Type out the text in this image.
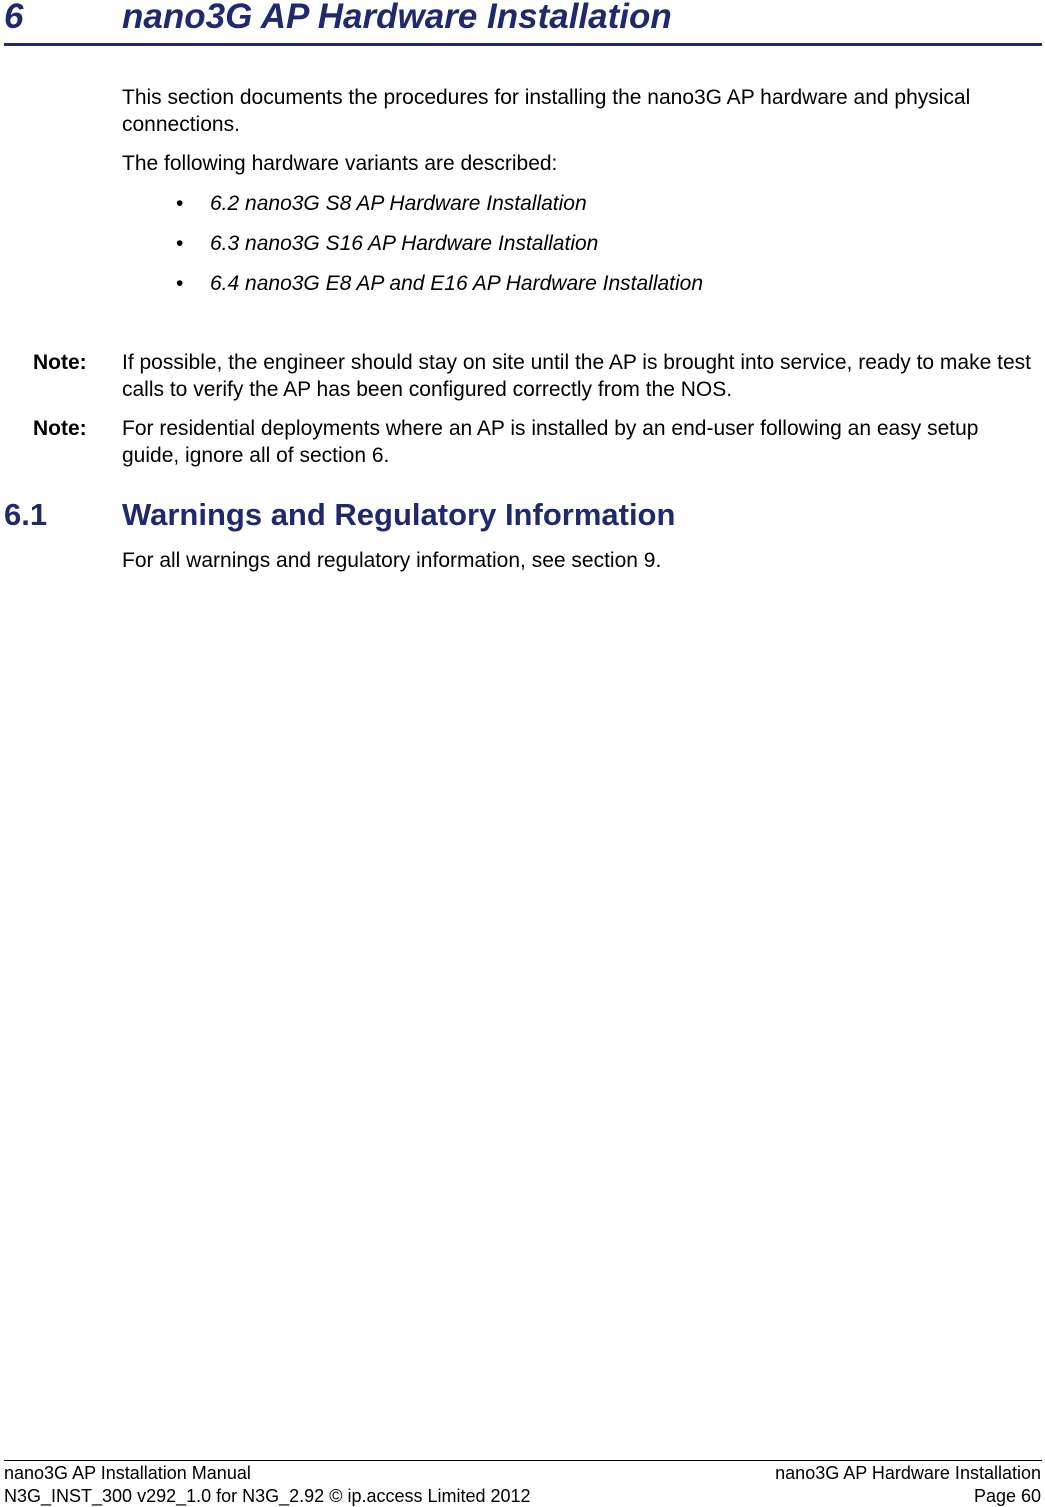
6	nano3G AP Hardware Installation
This section documents the procedures for installing the nano3G AP hardware and physical connections.
The following hardware variants are described:
• 6.2 nano3G S8 AP Hardware Installation
• 6.3 nano3G S16 AP Hardware Installation
• 6.4 nano3G E8 AP and E16 AP Hardware Installation
Note: If possible, the engineer should stay on site until the AP is brought into service, ready to make test calls to verify the AP has been configured correctly from the NOS.
Note: For residential deployments where an AP is installed by an end-user following an easy setup guide, ignore all of section 6.
6.1 Warnings and Regulatory Information
For all warnings and regulatory information, see section 9.
nano3G AP Installation Manual
N3G_INST_300 v292_1.0 for N3G_2.92 © ip.access Limited 2012
nano3G AP Hardware Installation
Page 60
